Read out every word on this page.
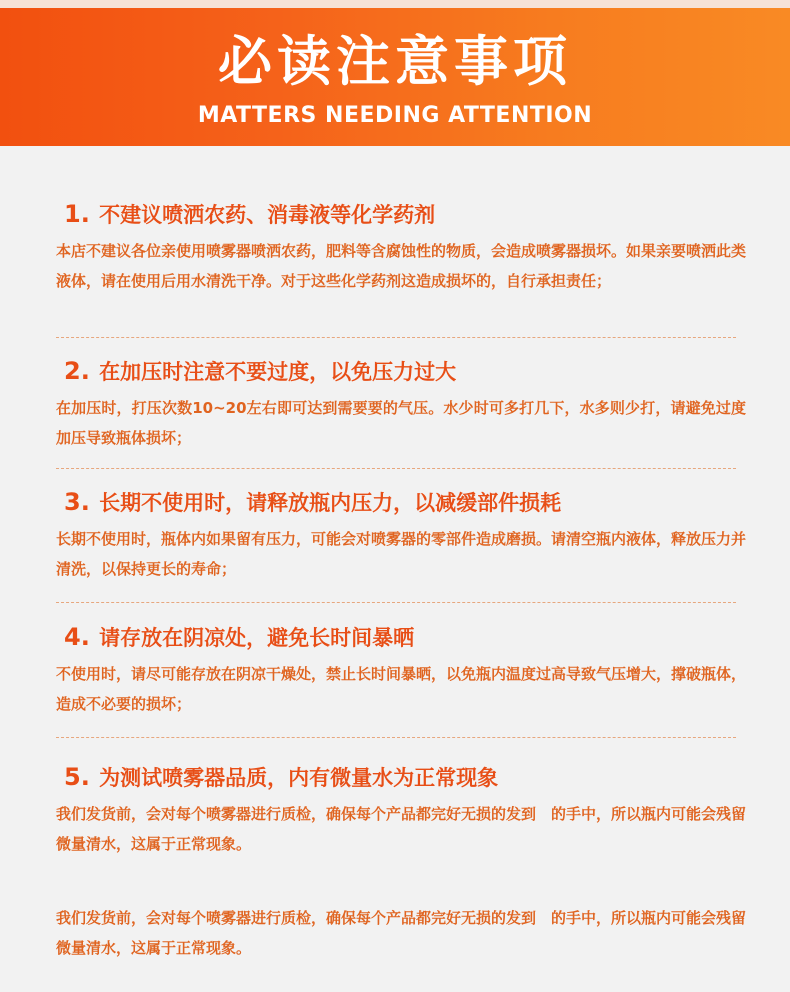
必读注意事项
MATTERS NEEDING ATTENTION
1. 不建议喷洒农药、消毒液等化学药剂
本店不建议各位亲使用喷雾器喷洒农药，肥料等含腐蚀性的物质，会造成喷雾器损坏。如果亲要喷洒此类液体，请在使用后用水清洗干净。对于这些化学药剂这造成损坏的，自行承担责任；
2. 在加压时注意不要过度，以免压力过大
在加压时，打压次数10~20左右即可达到需要要的气压。水少时可多打几下，水多则少打，请避免过度加压导致瓶体损坏；
3. 长期不使用时，请释放瓶内压力，以减缓部件损耗
长期不使用时，瓶体内如果留有压力，可能会对喷雾器的零部件造成磨损。请清空瓶内液体，释放压力并清洗，以保持更长的寿命；
4. 请存放在阴凉处，避免长时间暴晒
不使用时，请尽可能存放在阴凉干燥处，禁止长时间暴晒，以免瓶内温度过高导致气压增大，撑破瓶体，造成不必要的损坏；
5. 为测试喷雾器品质，内有微量水为正常现象
我们发货前，会对每个喷雾器进行质检，确保每个产品都完好无损的发到　的手中，所以瓶内可能会残留微量清水，这属于正常现象。
我们发货前，会对每个喷雾器进行质检，确保每个产品都完好无损的发到　的手中，所以瓶内可能会残留微量清水，这属于正常现象。
